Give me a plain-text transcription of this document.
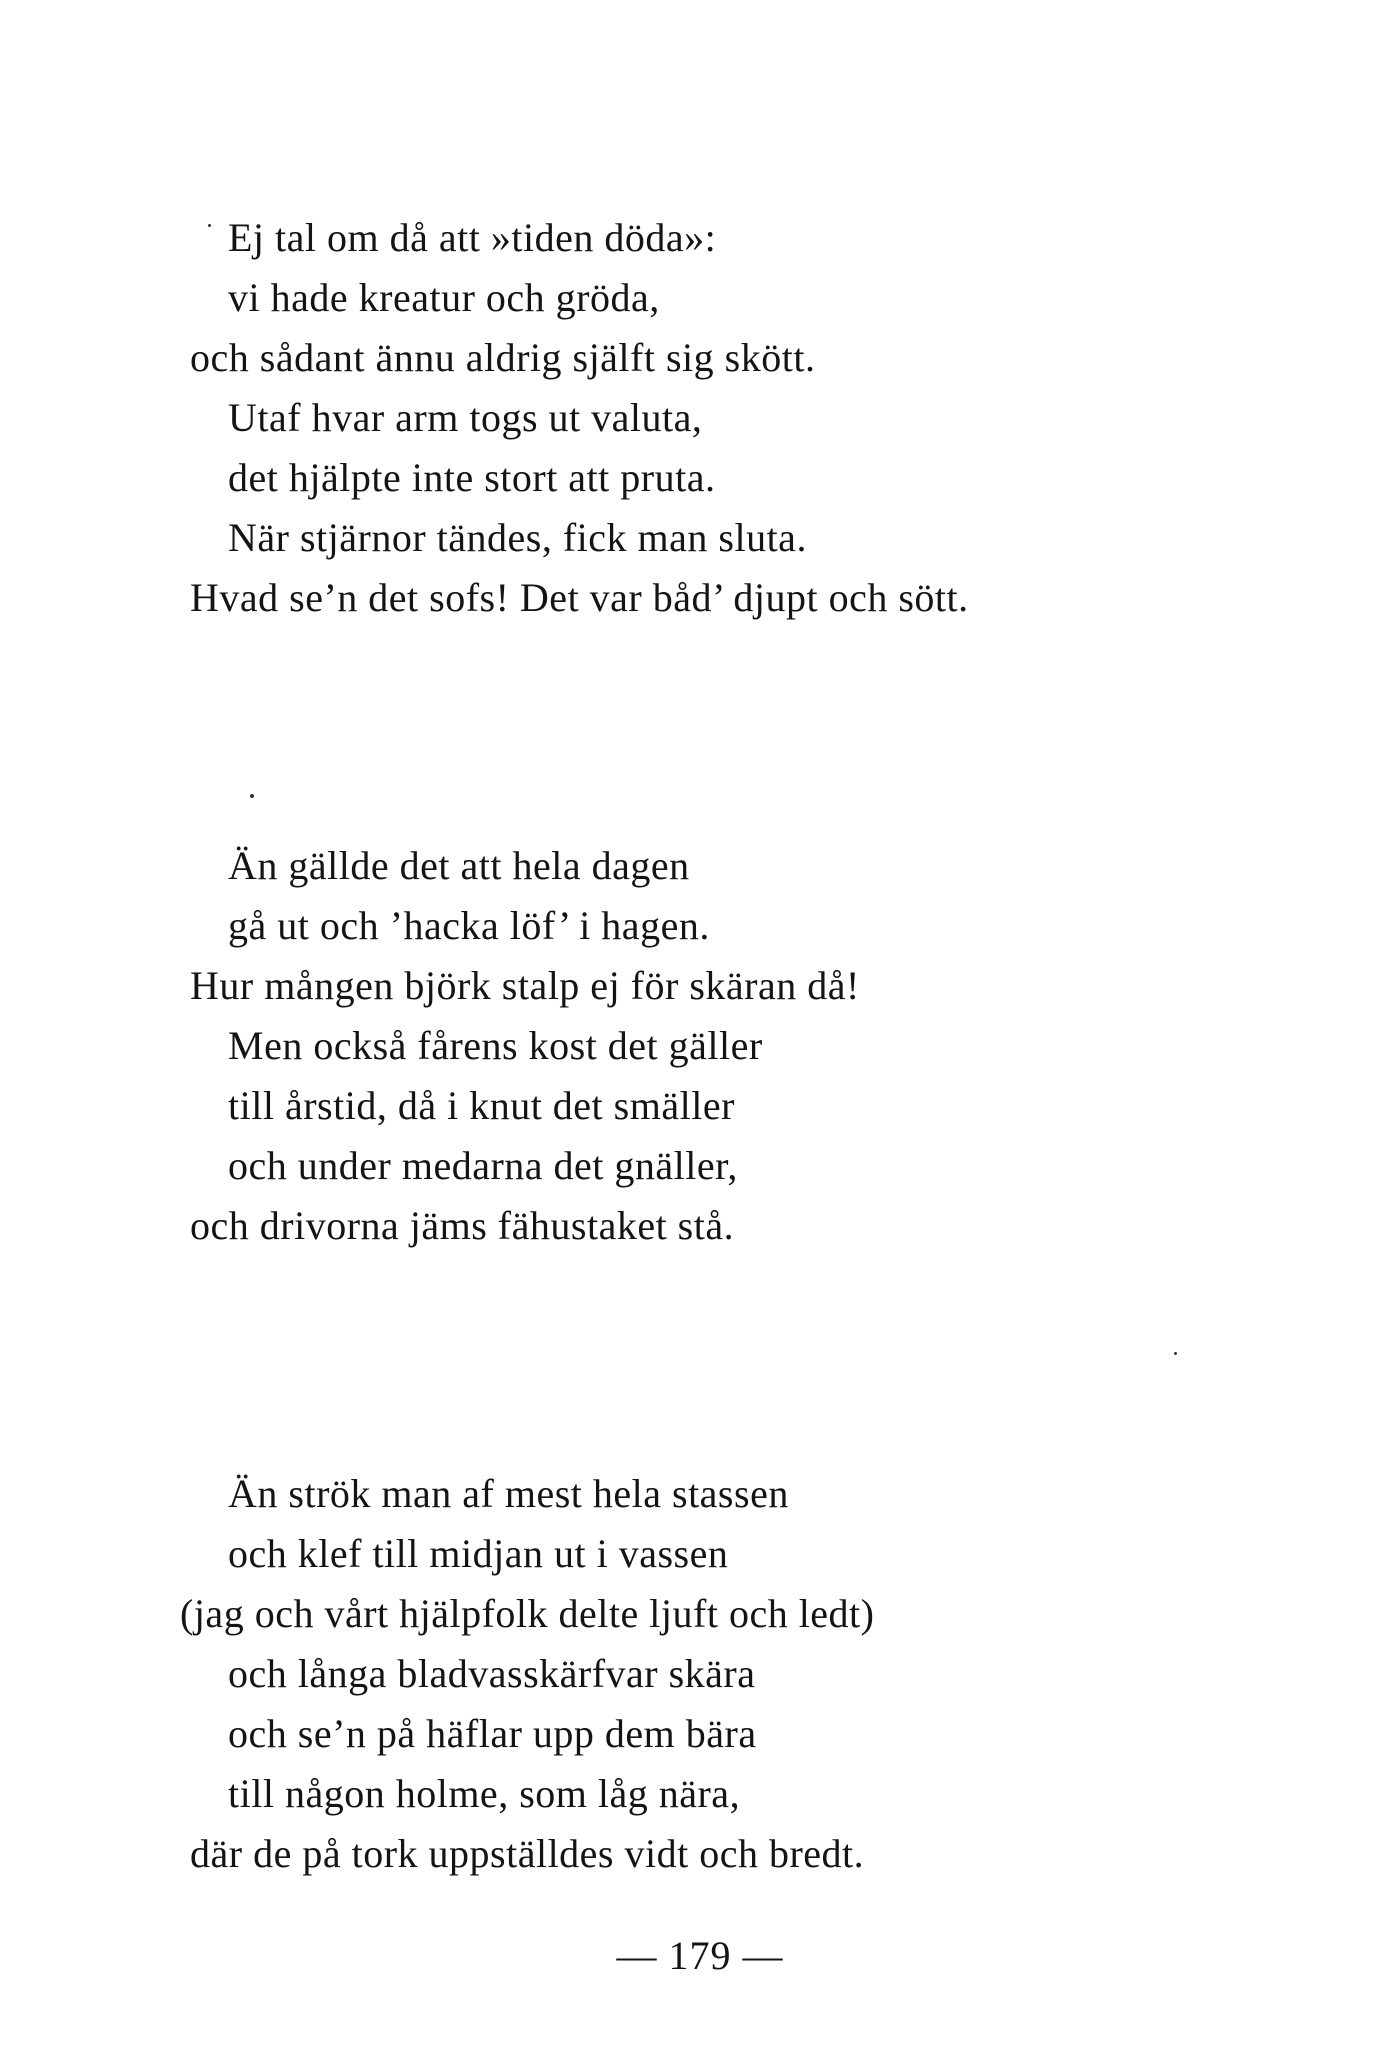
Ej tal om då att »tiden döda»:
vi hade kreatur och gröda,
och sådant ännu aldrig själft sig skött.
Utaf hvar arm togs ut valuta,
det hjälpte inte stort att pruta.
När stjärnor tändes, fick man sluta.
Hvad se’n det sofs! Det var båd’ djupt och sött.
Än gällde det att hela dagen
gå ut och ’hacka löf’ i hagen.
Hur mången björk stalp ej för skäran då!
Men också fårens kost det gäller
till årstid, då i knut det smäller
och under medarna det gnäller,
och drivorna jäms fähustaket stå.
Än strök man af mest hela stassen
och klef till midjan ut i vassen
(jag och vårt hjälpfolk delte ljuft och ledt)
och långa bladvasskärfvar skära
och se’n på häflar upp dem bära
till någon holme, som låg nära,
där de på tork uppställdes vidt och bredt.
— 179 —
